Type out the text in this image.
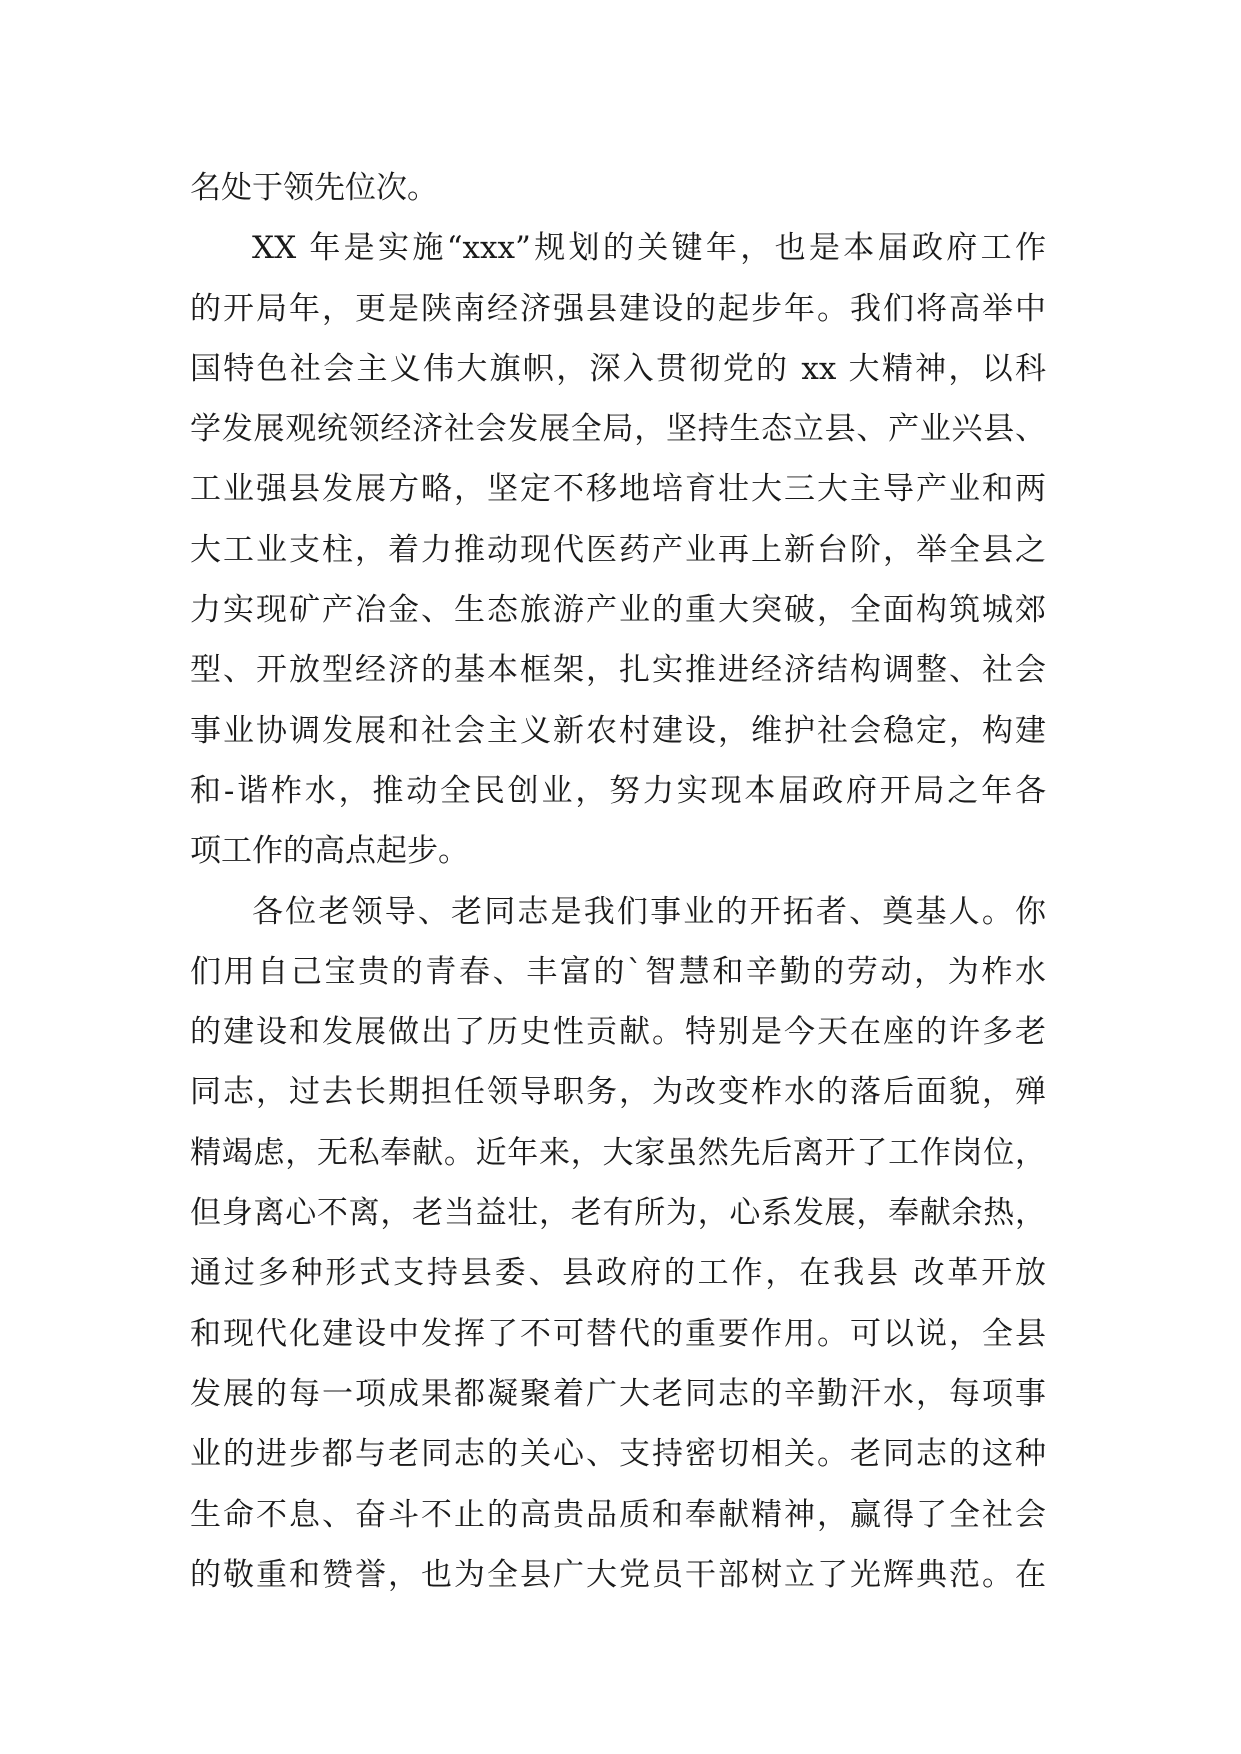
名处于领先位次。
XX 年是实施“xxx”规划的关键年，也是本届政府工作
的开局年，更是陕南经济强县建设的起步年。我们将高举中
国特色社会主义伟大旗帜，深入贯彻党的 xx 大精神，以科
学发展观统领经济社会发展全局，坚持生态立县、产业兴县、
工业强县发展方略，坚定不移地培育壮大三大主导产业和两
大工业支柱，着力推动现代医药产业再上新台阶，举全县之
力实现矿产冶金、生态旅游产业的重大突破，全面构筑城郊
型、开放型经济的基本框架，扎实推进经济结构调整、社会
事业协调发展和社会主义新农村建设，维护社会稳定，构建
和-谐柞水，推动全民创业，努力实现本届政府开局之年各
项工作的高点起步。
各位老领导、老同志是我们事业的开拓者、奠基人。你
们用自己宝贵的青春、丰富的`智慧和辛勤的劳动，为柞水
的建设和发展做出了历史性贡献。特别是今天在座的许多老
同志，过去长期担任领导职务，为改变柞水的落后面貌，殚
精竭虑，无私奉献。近年来，大家虽然先后离开了工作岗位，
但身离心不离，老当益壮，老有所为，心系发展，奉献余热，
通过多种形式支持县委、县政府的工作，在我县 改革开放
和现代化建设中发挥了不可替代的重要作用。可以说，全县
发展的每一项成果都凝聚着广大老同志的辛勤汗水，每项事
业的进步都与老同志的关心、支持密切相关。老同志的这种
生命不息、奋斗不止的高贵品质和奉献精神，赢得了全社会
的敬重和赞誉，也为全县广大党员干部树立了光辉典范。在
